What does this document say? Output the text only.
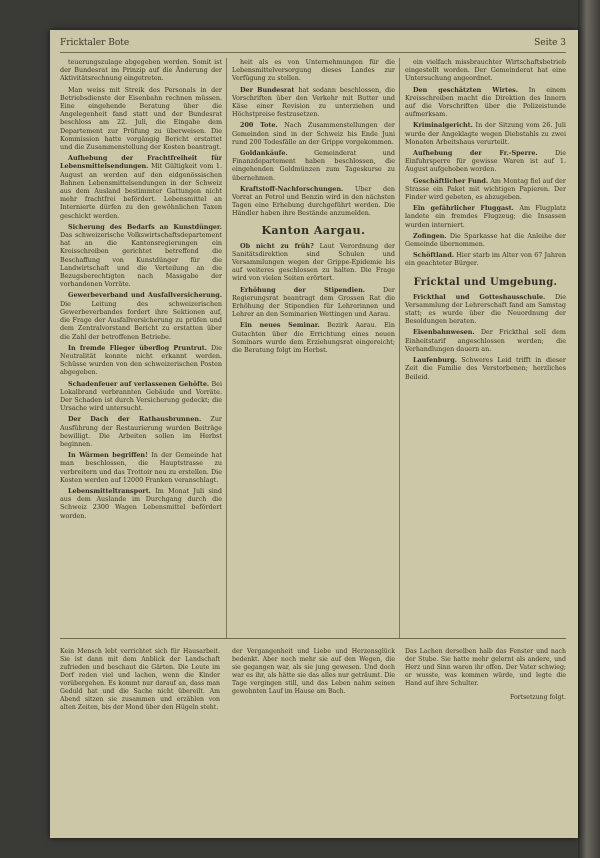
Fricktaler Bote	Seite 3

teuerungszulage abgegeben werden. Somit ist der Bundesrat im Prinzip auf die Änderung der Aktivitätsrechnung eingetreten.

Man weiss mit Streik des Personals in der Betriebsdienste der Eisenbahn rechnen müssen. Eine eingehende Beratung über die Angelegenheit fand statt und der Bundesrat beschloss am 22. Juli, die Eingabe dem Departement zur Prüfung zu überweisen. Die Kommission hatte vorgängig Bericht erstattet und die Zusammenstellung der Kosten beantragt.

Aufhebung der Frachtfreiheit für Lebensmittelsendungen. Mit Gültigkeit vom 1. August an werden auf den eidgenössischen Bahnen Lebensmittelsendungen in der Schweiz aus dem Ausland bestimmter Gattungen nicht mehr frachtfrei befördert. Lebensmittel an Internierte dürfen zu den gewöhnlichen Taxen geschickt werden.

Sicherung des Bedarfs an Kunstdünger. Das schweizerische Volkswirtschaftsdepartement hat an die Kantonsregierungen ein Kreisschreiben gerichtet betreffend die Beschaffung von Kunstdünger für die Landwirtschaft und die Verteilung an die Bezugsberechtigten nach Massgabe der vorhandenen Vorräte.

Gewerbeverband und Ausfallversicherung. Die Leitung des schweizerischen Gewerbeverbandes fordert ihre Sektionen auf, die Frage der Ausfallversicherung zu prüfen und dem Zentralvorstand Bericht zu erstatten über die Zahl der betroffenen Betriebe.

In fremde Flieger überflog Pruntrut. Die Neutralität konnte nicht erkannt werden. Schüsse wurden von den schweizerischen Posten abgegeben.

Schadenfeuer auf verlassenen Gehöfte. Bei Lokalbrand verbrannten Gebäude und Vorräte. Der Schaden ist durch Versicherung gedeckt; die Ursache wird untersucht.

Der Dach der Rathausbrunnen. Zur Ausführung der Restaurierung wurden Beiträge bewilligt. Die Arbeiten sollen im Herbst beginnen.

In Wärmen begriffen! In der Gemeinde hat man beschlossen, die Hauptstrasse zu verbreitern und das Trottoir neu zu erstellen. Die Kosten werden auf 12000 Franken veranschlagt.

Lebensmitteltransport. Im Monat Juli sind aus dem Auslande im Durchgang durch die Schweiz 2300 Wagen Lebensmittel befördert worden.

heit als es von Unternehmungen für die Lebensmittelversorgung dieses Landes zur Verfügung zu stellen.

Der Bundesrat hat sodann beschlossen, die Vorschriften über den Verkehr mit Butter und Käse einer Revision zu unterziehen und Höchstpreise festzusetzen.

200 Tote. Nach Zusammenstellungen der Gemeinden sind in der Schweiz bis Ende Juni rund 200 Todesfälle an der Grippe vorgekommen.

Goldankäufe.	Gemeinderat und Finanzdepartement haben beschlossen, die eingehenden Goldmünzen zum Tageskurse zu übernehmen.

Kraftstoff-Nachforschungen. Uber den Vorrat an Petrol und Benzin wird in den nächsten Tagen eine Erhebung durchgeführt werden. Die Händler haben ihre Bestände anzumelden.

Kanton Aargau.

Ob nicht zu früh? Laut Verordnung der Sanitätsdirektion sind Schulen und Versammlungen wegen der Grippe-Epidemie bis auf weiteres geschlossen zu halten. Die Frage wird von vielen Seiten erörtert.

Erhöhung der Stipendien.	Der Regierungsrat beantragt dem Grossen Rat die Erhöhung der Stipendien für Lehrerinnen und Lehrer an den Seminarien Wettingen und Aarau.

Ein neues Seminar. Bezirk Aarau. Ein Gutachten über die Errichtung eines neuen Seminars wurde dem Erziehungsrat eingereicht; die Beratung folgt im Herbst.

ein vielfach missbrauchter Wirtschaftsbetrieb eingestellt worden. Der Gemeinderat hat eine Untersuchung angeordnet.

Den geschätzten Wirtes. In einem Kreisschreiben macht die Direktion des Innern auf die Vorschriften über die Polizeistunde aufmerksam.

Kriminalgericht. In der Sitzung vom 26. Juli wurde der Angeklagte wegen Diebstahls zu zwei Monaten Arbeitshaus verurteilt.

Aufhebung der Fr.-Sperre.	Die Einfuhrsperre für gewisse Waren ist auf 1. August aufgehoben worden.

Geschäftlicher Fund. Am Montag fiel auf der Strasse ein Paket mit wichtigen Papieren. Der Finder wird gebeten, es abzugeben.

Ein gefährlicher Fluggast. Am Flugplatz landete ein fremdes Flugzeug; die Insassen wurden interniert.

Zofingen. Die Sparkasse hat die Anleihe der Gemeinde übernommen.

Schöftland. Hier starb im Alter von 67 Jahren ein geachteter Bürger.

Fricktal und Umgebung.

Frickthal und Gotteshausschule. Die Versammlung der Lehrerschaft fand am Samstag statt; es wurde über die Neuordnung der Besoldungen beraten.

Eisenbahnwesen. Der Frickthal soll dem Einheitstarif angeschlossen werden; die Verhandlungen dauern an.

Laufenburg. Schweres Leid trifft in dieser Zeit die Familie des Verstorbenen; herzliches Beileid.

Kein Mensch lebt verrichtet sich für Hausarbeit. Sie ist dann mit dem Anblick der Landschaft zufrieden und beschaut die Gärten. Die Leute im Dorf reden viel und lachen, wenn die Kinder vorübergehen. Es kommt nur darauf an, dass man Geduld hat und die Sache nicht übereilt. Am Abend sitzen sie zusammen und erzählen von alten Zeiten, bis der Mond über den Hügeln steht.

der Vergangenheit und Liebe und Herzensglück bedenkt. Aber noch mehr sie auf den Wegen, die sie gegangen war, als sie jung gewesen. Und doch war es ihr, als hätte sie das alles nur geträumt. Die Tage vergingen still, und das Leben nahm seinen gewohnten Lauf im Hause am Bach.

Das Lachen derselben halb das Fenster und nach der Stube. Sie hatte mehr gelernt als andere, und Herz und Sinn waren ihr offen. Der Vater schwieg; er wusste, was kommen würde, und legte die Hand auf ihre Schulter.

Fortsetzung folgt.
